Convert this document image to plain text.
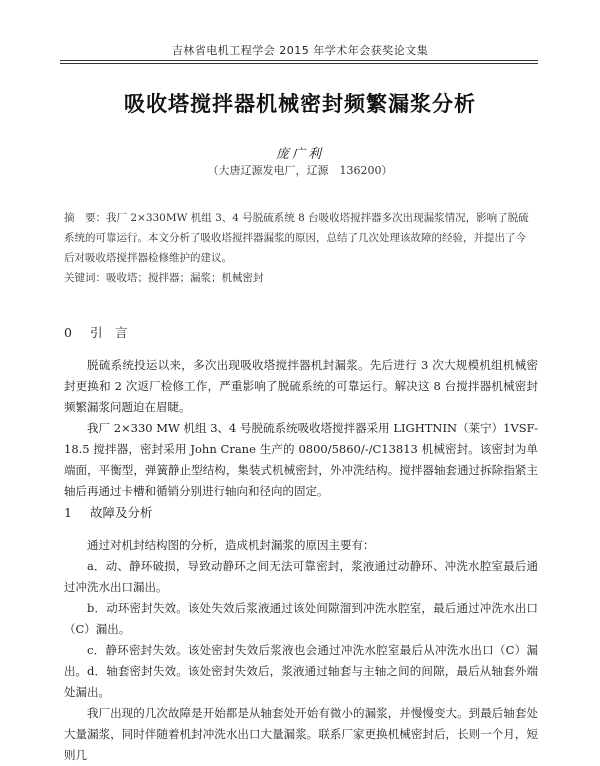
吉林省电机工程学会 2015 年学术年会获奖论文集
吸收塔搅拌器机械密封频繁漏浆分析
庞广利
（大唐辽源发电厂，辽源　136200）
摘　要：我厂 2×330MW 机组 3、4 号脱硫系统 8 台吸收塔搅拌器多次出现漏浆情况，影响了脱硫系统的可靠运行。本文分析了吸收塔搅拌器漏浆的原因，总结了几次处理该故障的经验，并提出了今后对吸收塔搅拌器检修维护的建议。
关键词：吸收塔；搅拌器；漏浆；机械密封
0 引　言
脱硫系统投运以来，多次出现吸收塔搅拌器机封漏浆。先后进行 3 次大规模机组机械密封更换和 2 次返厂检修工作，严重影响了脱硫系统的可靠运行。解决这 8 台搅拌器机械密封频繁漏浆问题迫在眉睫。
我厂 2×330 MW 机组 3、4 号脱硫系统吸收塔搅拌器采用 LIGHTNIN（莱宁）1VSF-18.5 搅拌器，密封采用 John Crane 生产的 0800/5860/-/C13813 机械密封。该密封为单端面，平衡型，弹簧静止型结构，集装式机械密封，外冲洗结构。搅拌器轴套通过拆除指紧主轴后再通过卡槽和循销分别进行轴向和径向的固定。
1 故障及分析
通过对机封结构图的分析，造成机封漏浆的原因主要有：
a．动、静环破损，导致动静环之间无法可靠密封，浆液通过动静环、冲洗水腔室最后通过冲洗水出口漏出。
b．动环密封失效。该处失效后浆液通过该处间隙溜到冲洗水腔室，最后通过冲洗水出口（C）漏出。
c．静环密封失效。该处密封失效后浆液也会通过冲洗水腔室最后从冲洗水出口（C）漏出。 d．轴套密封失效。该处密封失效后，浆液通过轴套与主轴之间的间隙，最后从轴套外端处漏出。
我厂出现的几次故障是开始都是从轴套处开始有微小的漏浆，并慢慢变大。到最后轴套处大量漏浆，同时伴随着机封冲洗水出口大量漏浆。联系厂家更换机械密封后，长则一个月，短则几
